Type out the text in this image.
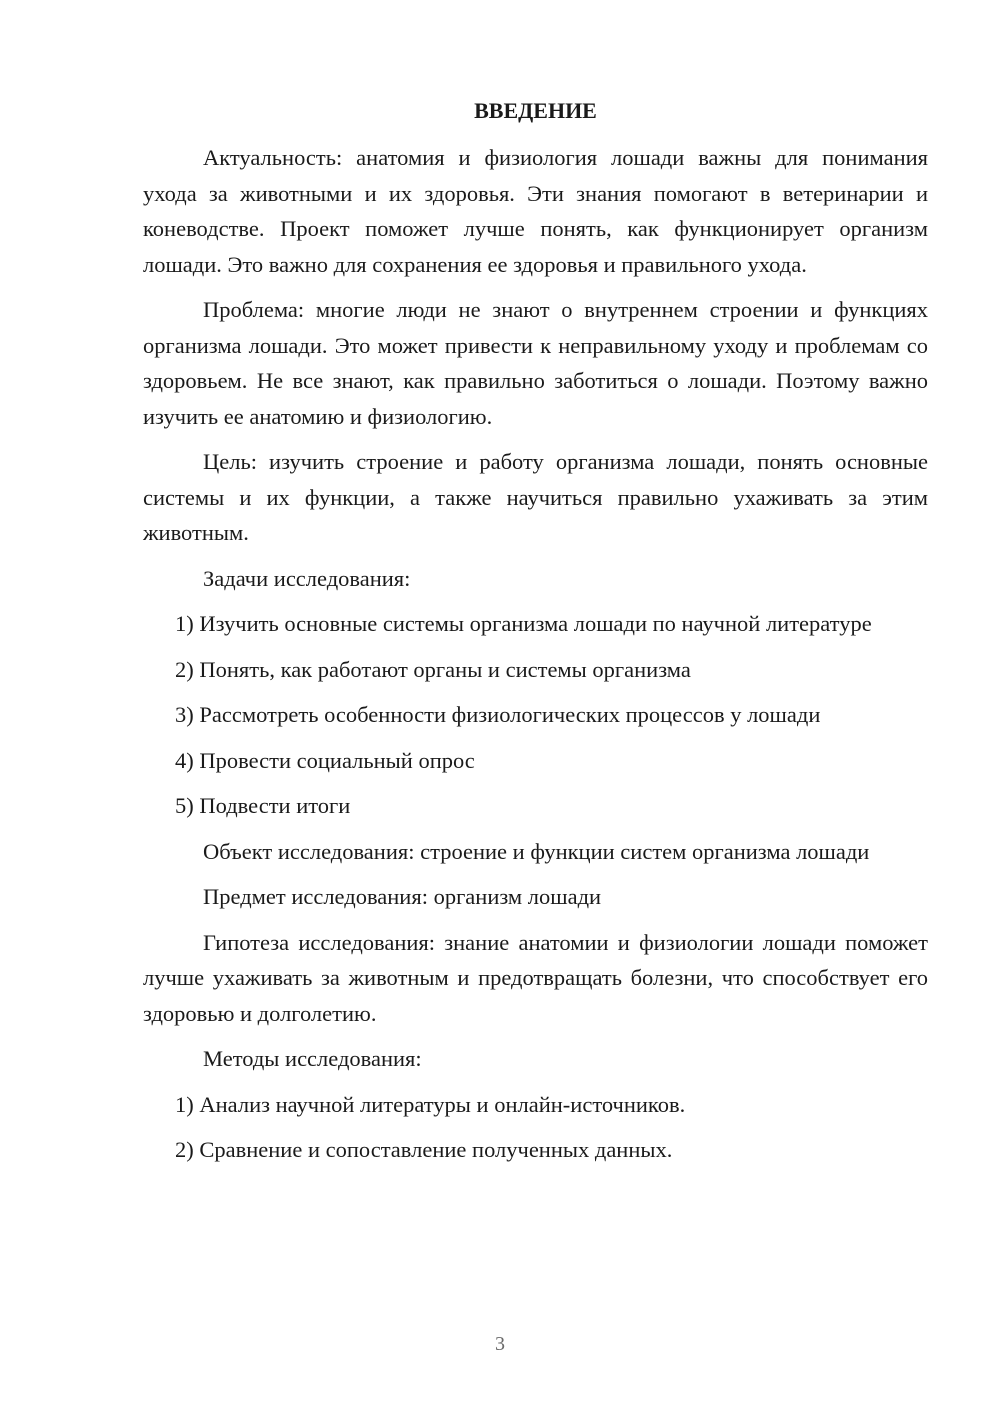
ВВЕДЕНИЕ

Актуальность: анатомия и физиология лошади важны для понимания ухода за животными и их здоровья. Эти знания помогают в ветеринарии и коневодстве. Проект поможет лучше понять, как функционирует организм лошади. Это важно для сохранения ее здоровья и правильного ухода.

Проблема: многие люди не знают о внутреннем строении и функциях организма лошади. Это может привести к неправильному уходу и проблемам со здоровьем. Не все знают, как правильно заботиться о лошади. Поэтому важно изучить ее анатомию и физиологию.

Цель: изучить строение и работу организма лошади, понять основные системы и их функции, а также научиться правильно ухаживать за этим животным.

Задачи исследования:

1) Изучить основные системы организма лошади по научной литературе

2) Понять, как работают органы и системы организма

3) Рассмотреть особенности физиологических процессов у лошади

4) Провести социальный опрос

5) Подвести итоги

Объект исследования: строение и функции систем организма лошади

Предмет исследования: организм лошади

Гипотеза исследования: знание анатомии и физиологии лошади поможет лучше ухаживать за животным и предотвращать болезни, что способствует его здоровью и долголетию.

Методы исследования:

1) Анализ научной литературы и онлайн-источников.

2) Сравнение и сопоставление полученных данных.

3
